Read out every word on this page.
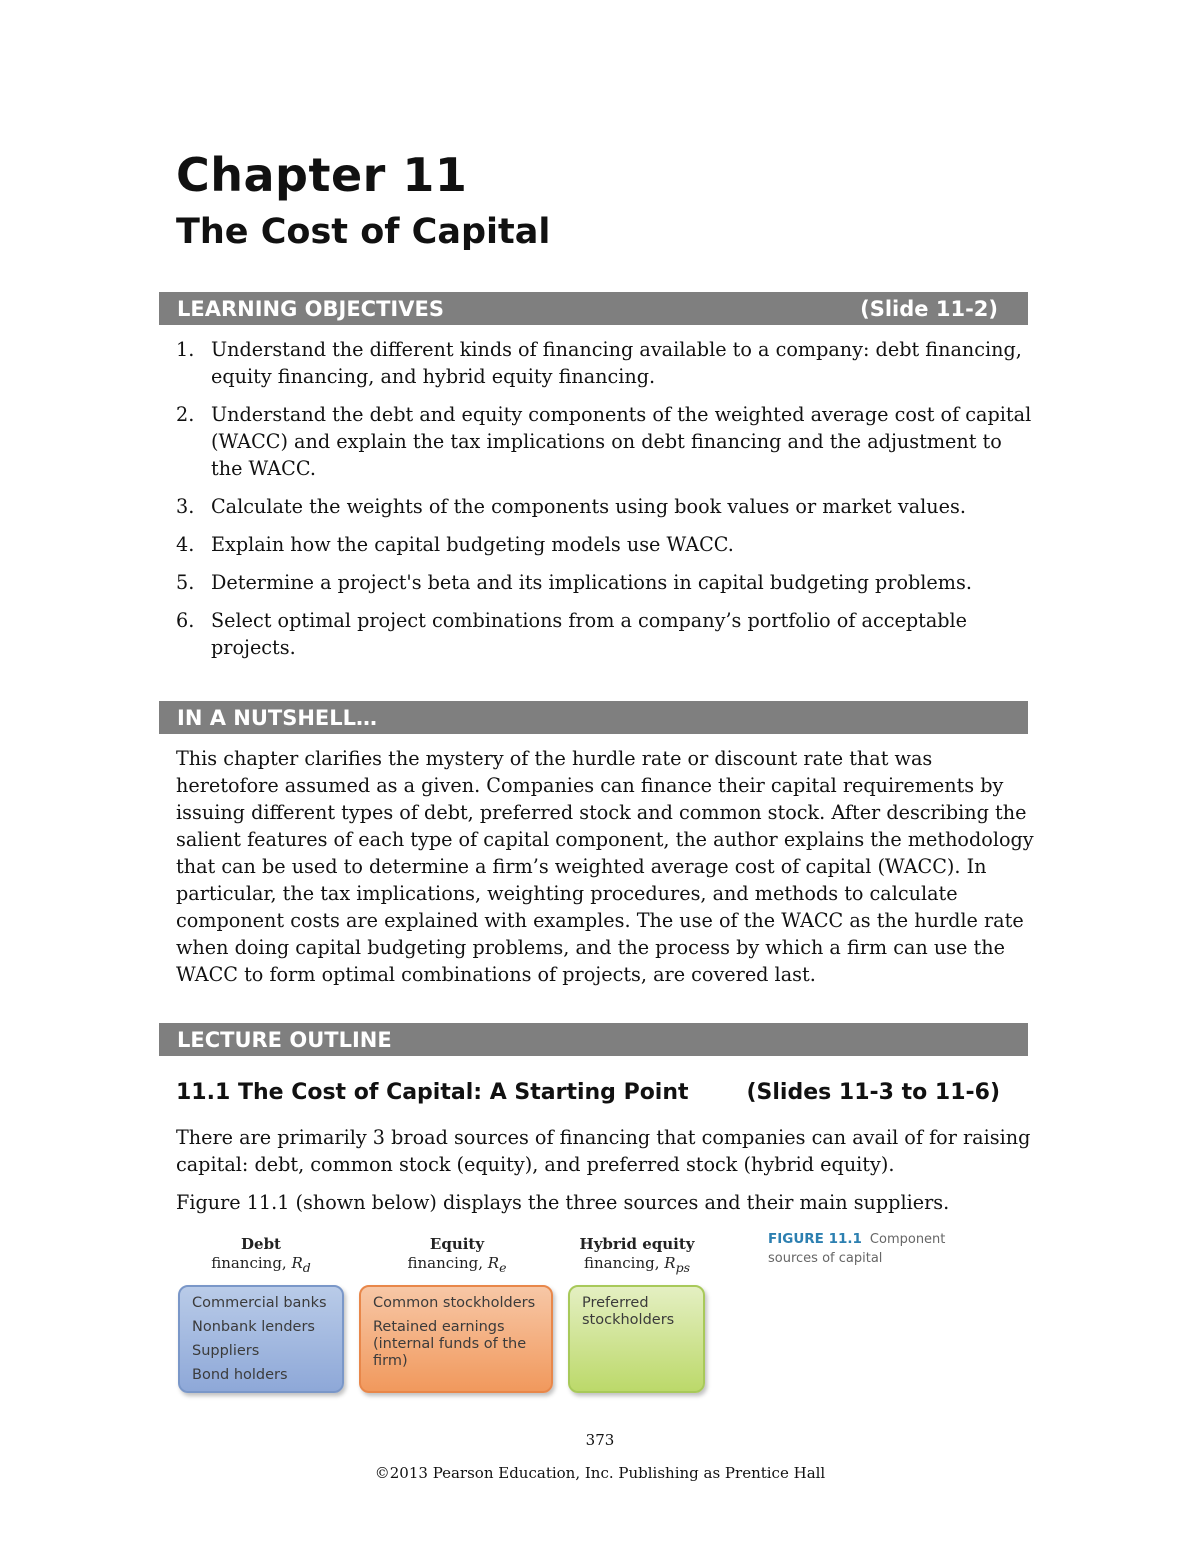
Chapter 11
The Cost of Capital
LEARNING OBJECTIVES	(Slide 11-2)
1. Understand the different kinds of financing available to a company: debt financing, equity financing, and hybrid equity financing.
2. Understand the debt and equity components of the weighted average cost of capital (WACC) and explain the tax implications on debt financing and the adjustment to the WACC.
3. Calculate the weights of the components using book values or market values.
4. Explain how the capital budgeting models use WACC.
5. Determine a project's beta and its implications in capital budgeting problems.
6. Select optimal project combinations from a company’s portfolio of acceptable projects.
IN A NUTSHELL…

This chapter clarifies the mystery of the hurdle rate or discount rate that was heretofore assumed as a given. Companies can finance their capital requirements by issuing different types of debt, preferred stock and common stock. After describing the salient features of each type of capital component, the author explains the methodology that can be used to determine a firm’s weighted average cost of capital (WACC). In particular, the tax implications, weighting procedures, and methods to calculate component costs are explained with examples. The use of the WACC as the hurdle rate when doing capital budgeting problems, and the process by which a firm can use the WACC to form optimal combinations of projects, are covered last.

LECTURE OUTLINE
11.1 The Cost of Capital: A Starting Point	(Slides 11-3 to 11-6)

There are primarily 3 broad sources of financing that companies can avail of for raising capital: debt, common stock (equity), and preferred stock (hybrid equity).

Figure 11.1 (shown below) displays the three sources and their main suppliers.

Debt
financing, $R_d$
Equity
financing, $R_e$
Hybrid equity
financing, $R_{ps}$
Commercial banks
Nonbank lenders
Suppliers
Bond holders
Common stockholders
Retained earnings (internal funds of the firm)
Preferred stockholders
FIGURE 11.1 Component sources of capital
373
©2013 Pearson Education, Inc. Publishing as Prentice Hall
